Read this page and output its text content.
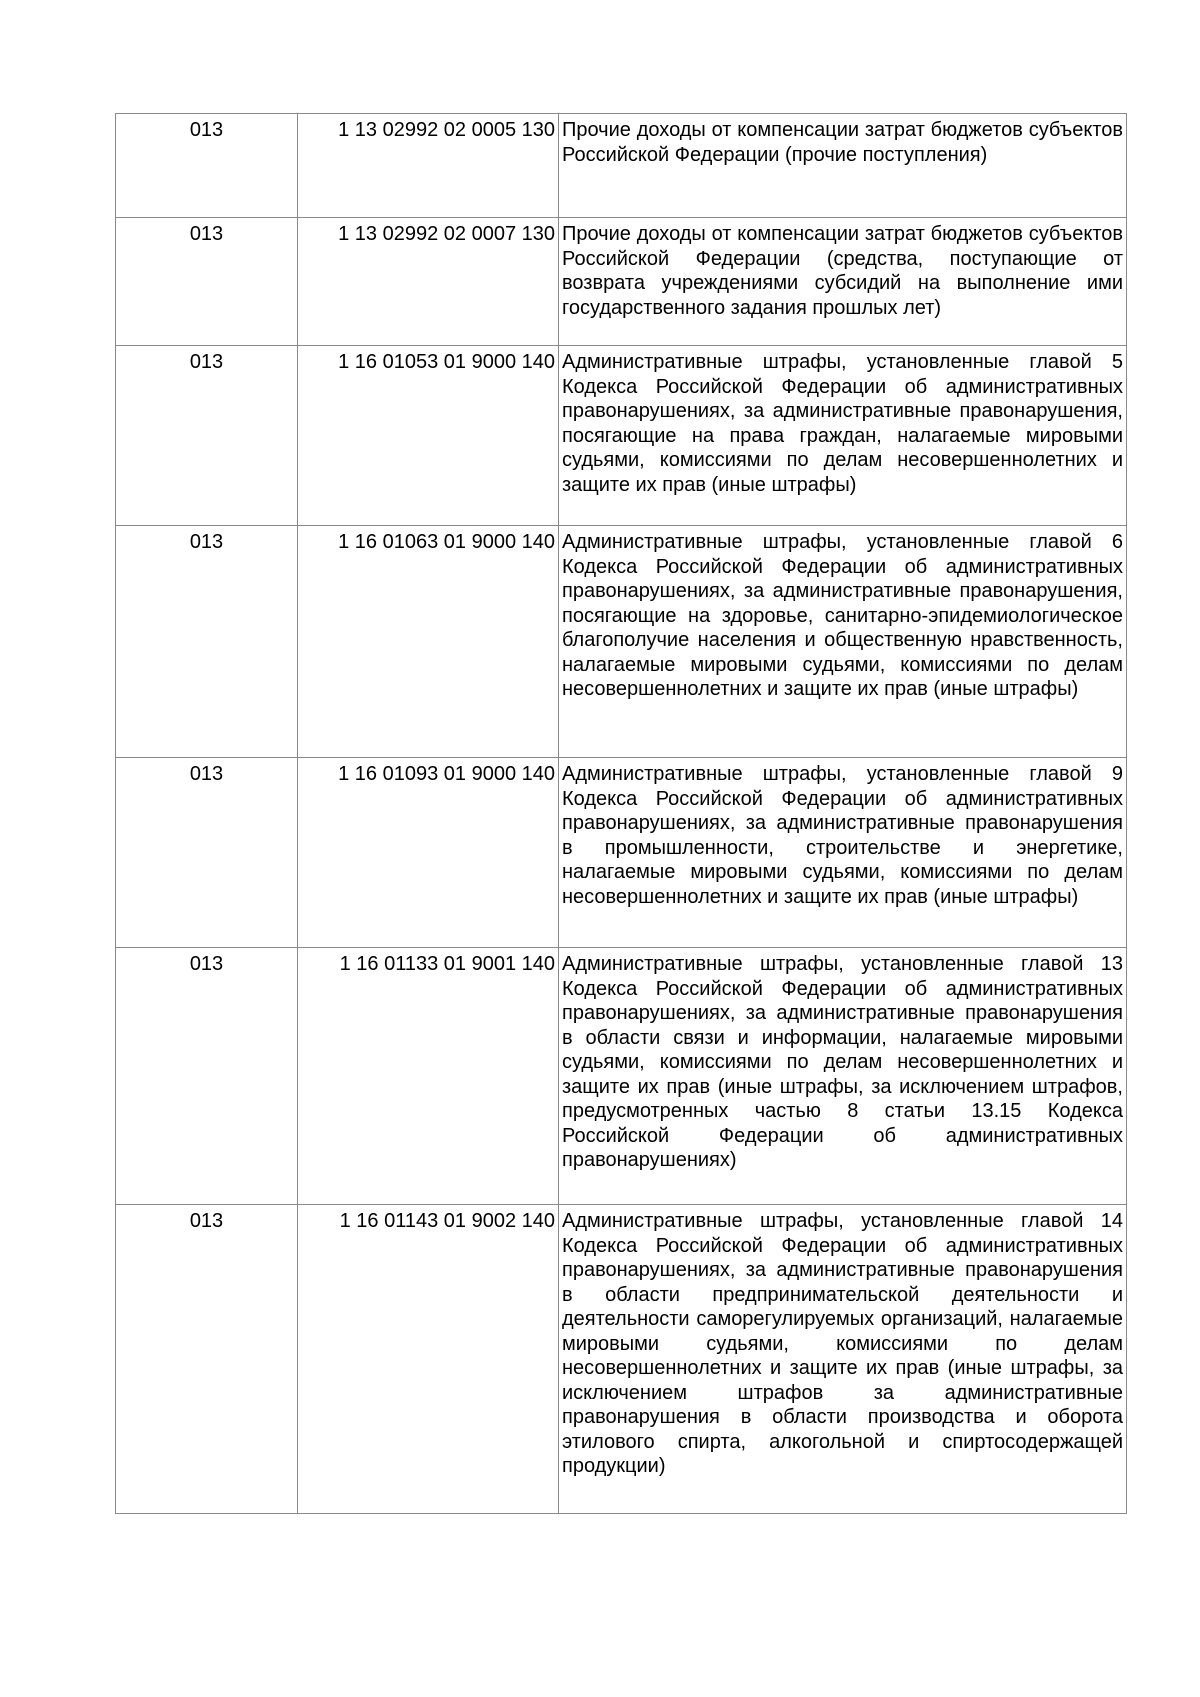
013	1 13 02992 02 0005 130	Прочие доходы от компенсации затрат бюджетов субъектов Российской Федерации (прочие поступления)
013	1 13 02992 02 0007 130	Прочие доходы от компенсации затрат бюджетов субъектов Российской Федерации (средства, поступающие от возврата учреждениями субсидий на выполнение ими государственного задания прошлых лет)
013	1 16 01053 01 9000 140	Административные штрафы, установленные главой 5 Кодекса Российской Федерации об административных правонарушениях, за административные правонарушения, посягающие на права граждан, налагаемые мировыми судьями, комиссиями по делам несовершеннолетних и защите их прав (иные штрафы)
013	1 16 01063 01 9000 140	Административные штрафы, установленные главой 6 Кодекса Российской Федерации об административных правонарушениях, за административные правонарушения, посягающие на здоровье, санитарно-эпидемиологическое благополучие населения и общественную нравственность, налагаемые мировыми судьями, комиссиями по делам несовершеннолетних и защите их прав (иные штрафы)
013	1 16 01093 01 9000 140	Административные штрафы, установленные главой 9 Кодекса Российской Федерации об административных правонарушениях, за административные правонарушения в промышленности, строительстве и энергетике, налагаемые мировыми судьями, комиссиями по делам несовершеннолетних и защите их прав (иные штрафы)
013	1 16 01133 01 9001 140	Административные штрафы, установленные главой 13 Кодекса Российской Федерации об административных правонарушениях, за административные правонарушения в области связи и информации, налагаемые мировыми судьями, комиссиями по делам несовершеннолетних и защите их прав (иные штрафы, за исключением штрафов, предусмотренных частью 8 статьи 13.15 Кодекса Российской Федерации об административных правонарушениях)
013	1 16 01143 01 9002 140	Административные штрафы, установленные главой 14 Кодекса Российской Федерации об административных правонарушениях, за административные правонарушения в области предпринимательской деятельности и деятельности саморегулируемых организаций, налагаемые мировыми судьями, комиссиями по делам несовершеннолетних и защите их прав (иные штрафы, за исключением штрафов за административные правонарушения в области производства и оборота этилового спирта, алкогольной и спиртосодержащей продукции)
